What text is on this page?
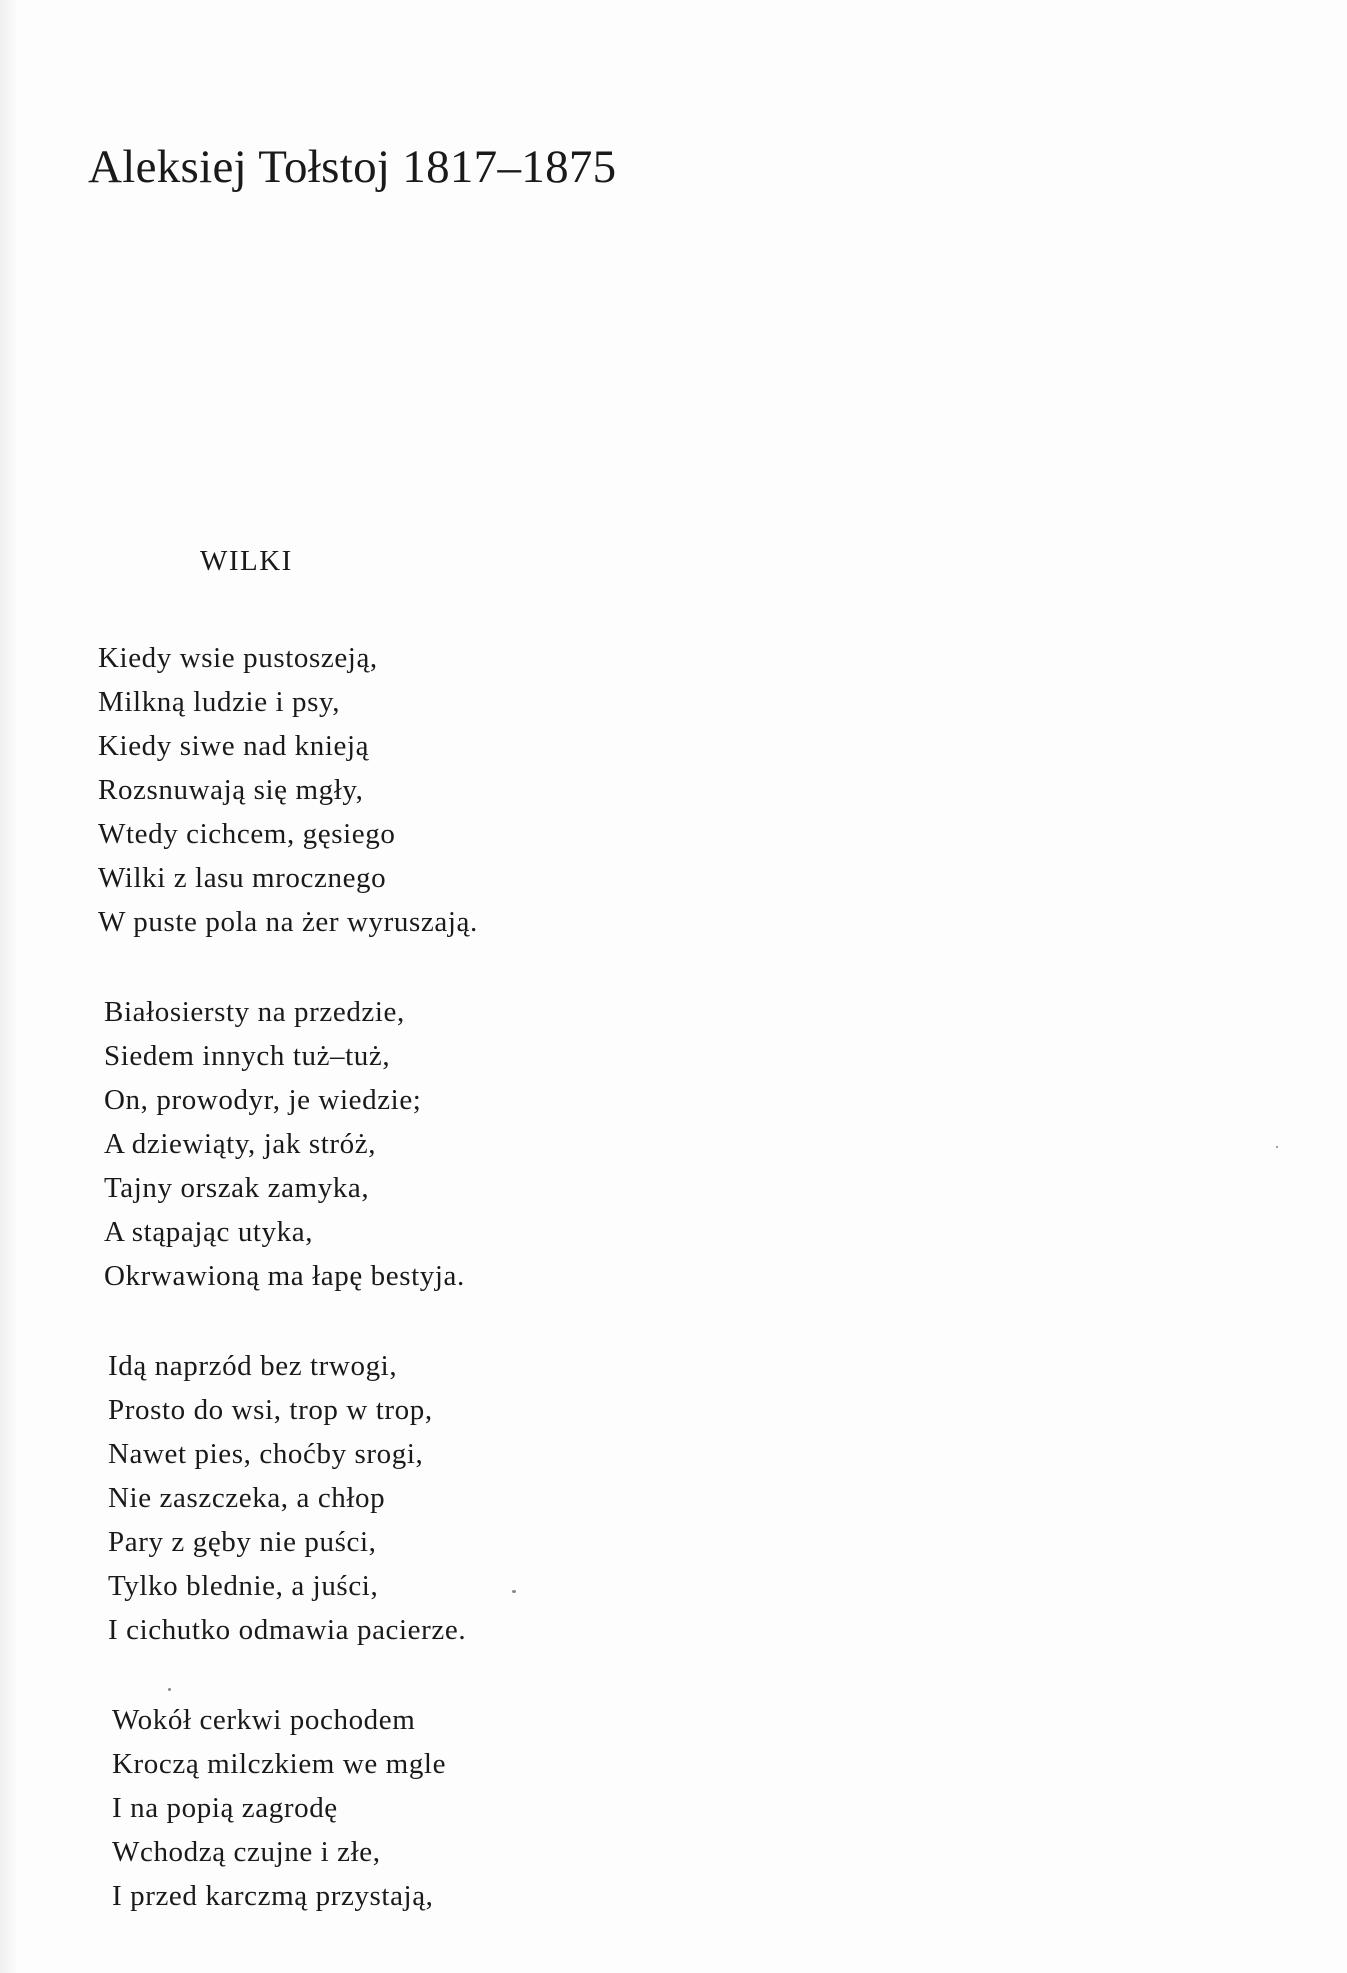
Aleksiej Tołstoj 1817–1875
WILKI
Kiedy wsie pustoszeją,
Milkną ludzie i psy,
Kiedy siwe nad knieją
Rozsnuwają się mgły,
Wtedy cichcem, gęsiego
Wilki z lasu mrocznego
W puste pola na żer wyruszają.
Białosiersty na przedzie,
Siedem innych tuż–tuż,
On, prowodyr, je wiedzie;
A dziewiąty, jak stróż,
Tajny orszak zamyka,
A stąpając utyka,
Okrwawioną ma łapę bestyja.
Idą naprzód bez trwogi,
Prosto do wsi, trop w trop,
Nawet pies, choćby srogi,
Nie zaszczeka, a chłop
Pary z gęby nie puści,
Tylko blednie, a juści,
I cichutko odmawia pacierze.
Wokół cerkwi pochodem
Kroczą milczkiem we mgle
I na popią zagrodę
Wchodzą czujne i złe,
I przed karczmą przystają,
